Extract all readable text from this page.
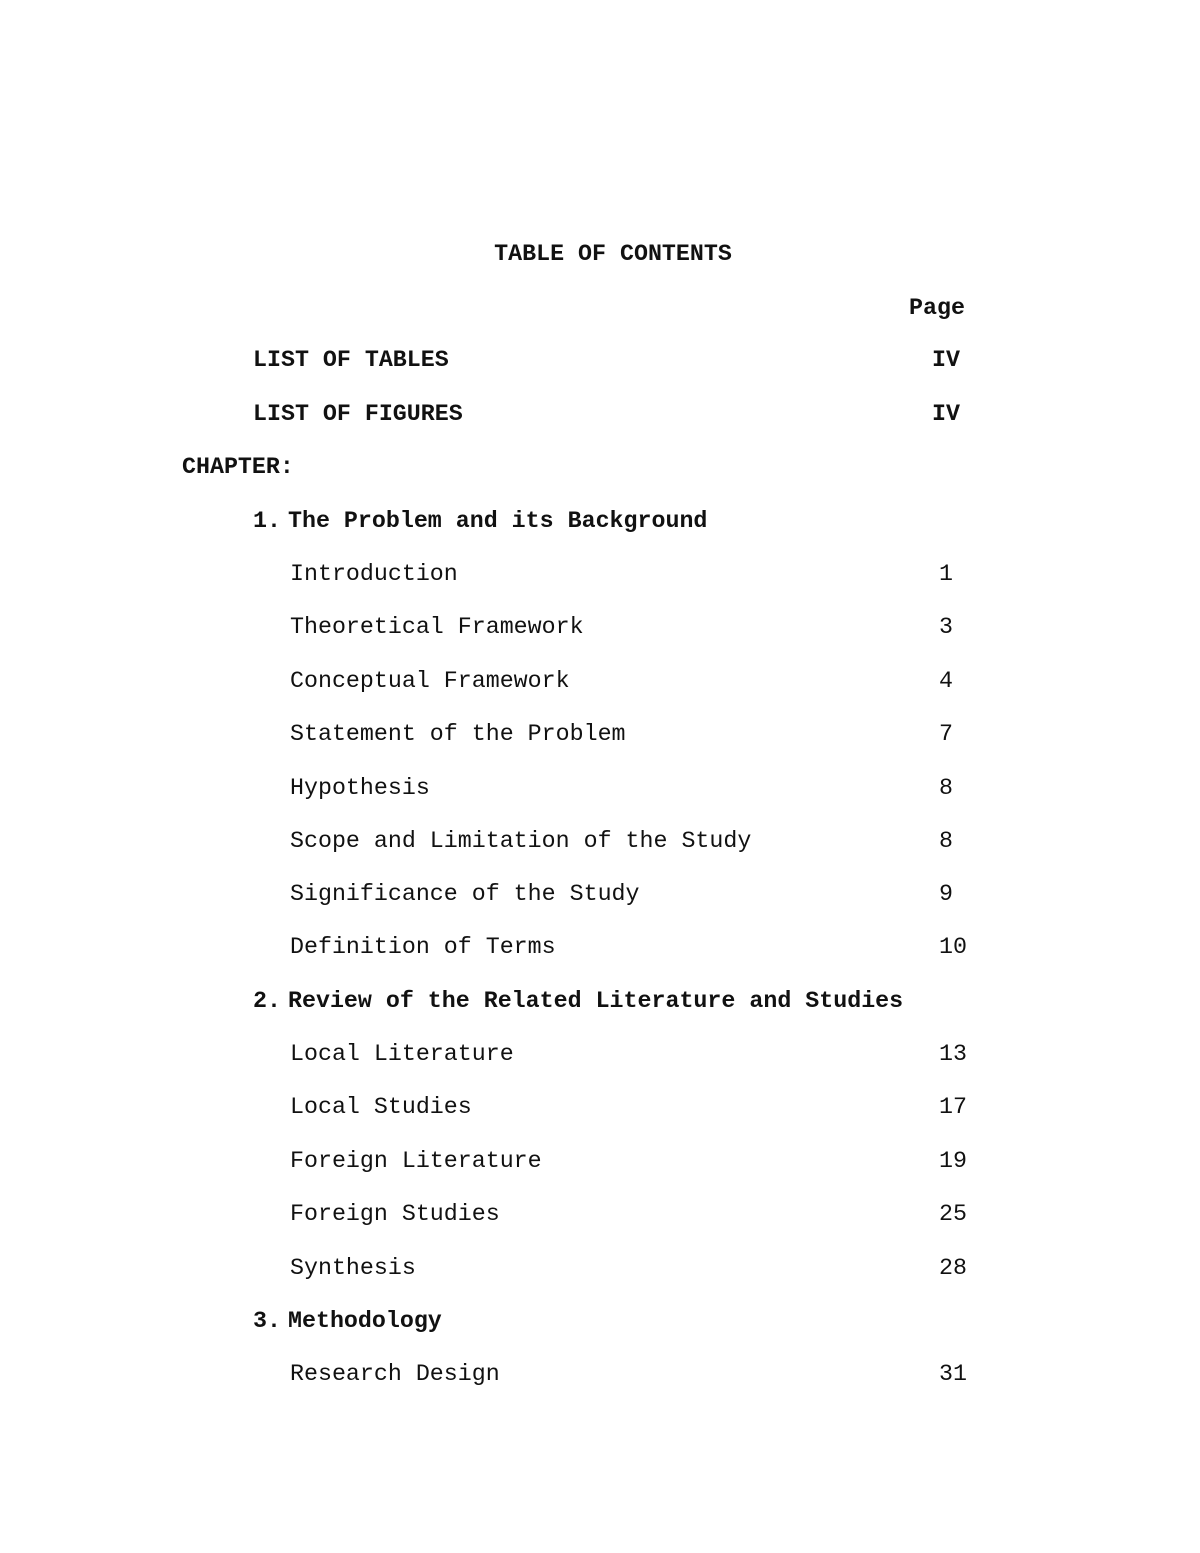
TABLE OF CONTENTS
Page
LIST OF TABLES	IV
LIST OF FIGURES	IV
CHAPTER:
1. The Problem and its Background
Introduction	1
Theoretical Framework	3
Conceptual Framework	4
Statement of the Problem	7
Hypothesis	8
Scope and Limitation of the Study	8
Significance of the Study	9
Definition of Terms	10
2. Review of the Related Literature and Studies
Local Literature	13
Local Studies	17
Foreign Literature	19
Foreign Studies	25
Synthesis	28
3. Methodology
Research Design	31
